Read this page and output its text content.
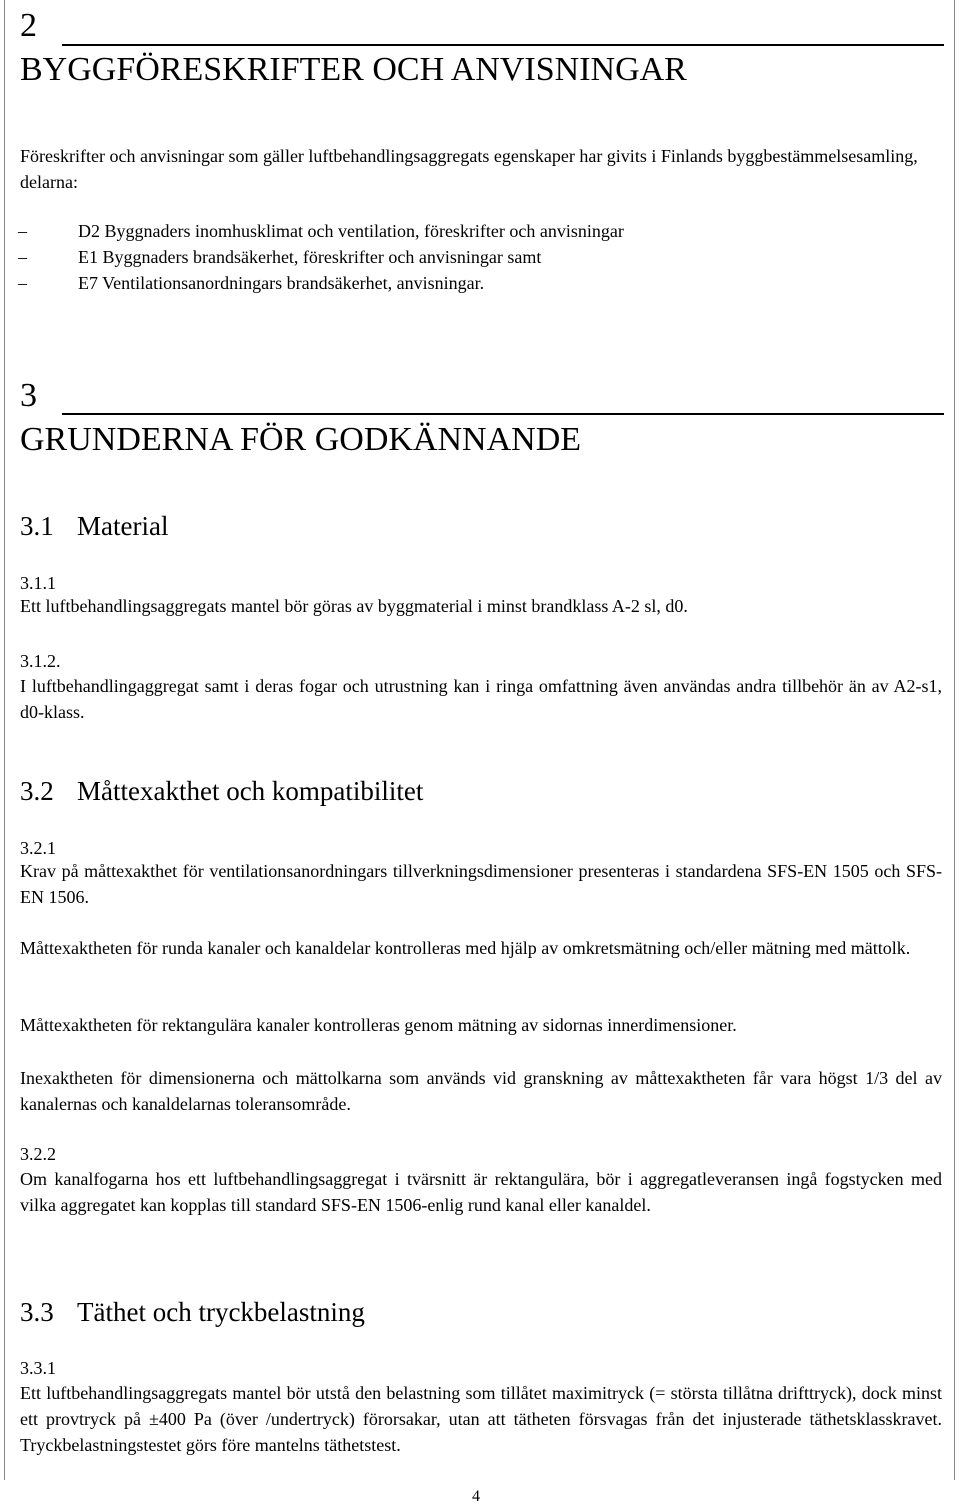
2
BYGGFÖRESKRIFTER OCH ANVISNINGAR
Föreskrifter och anvisningar som gäller luftbehandlingsaggregats egenskaper har givits i Finlands byggbestämmelsesamling, delarna:
–	D2 Byggnaders inomhusklimat och ventilation, föreskrifter och anvisningar
–	E1 Byggnaders brandsäkerhet, föreskrifter och anvisningar samt
–	E7 Ventilationsanordningars brandsäkerhet, anvisningar.
3
GRUNDERNA FÖR GODKÄNNANDE
3.1 Material
3.1.1
Ett luftbehandlingsaggregats mantel bör göras av byggmaterial i minst brandklass A-2 sl, d0.
3.1.2.
I luftbehandlingaggregat samt i deras fogar och utrustning kan i ringa omfattning även användas andra tillbehör än av A2-s1, d0-klass.
3.2 Måttexakthet och kompatibilitet
3.2.1
Krav på måttexakthet för ventilationsanordningars tillverkningsdimensioner presenteras i standardena SFS-EN 1505 och SFS-EN 1506.
Måttexaktheten för runda kanaler och kanaldelar kontrolleras med hjälp av omkretsmätning och/eller mätning med mättolk.
Måttexaktheten för rektangulära kanaler kontrolleras genom mätning av sidornas innerdimensioner.
Inexaktheten för dimensionerna och mättolkarna som används vid granskning av måttexaktheten får vara högst 1/3 del av kanalernas och kanaldelarnas toleransområde.
3.2.2
Om kanalfogarna hos ett luftbehandlingsaggregat i tvärsnitt är rektangulära, bör i aggregatleveransen ingå fogstycken med vilka aggregatet kan kopplas till standard SFS-EN 1506-enlig rund kanal eller kanaldel.
3.3 Täthet och tryckbelastning
3.3.1
Ett luftbehandlingsaggregats mantel bör utstå den belastning som tillåtet maximitryck (= största tillåtna drifttryck), dock minst ett provtryck på ±400 Pa (över /undertryck) förorsakar, utan att tätheten försvagas från det injusterade täthetsklasskravet. Tryckbelastningstestet görs före mantelns täthetstest.
4
